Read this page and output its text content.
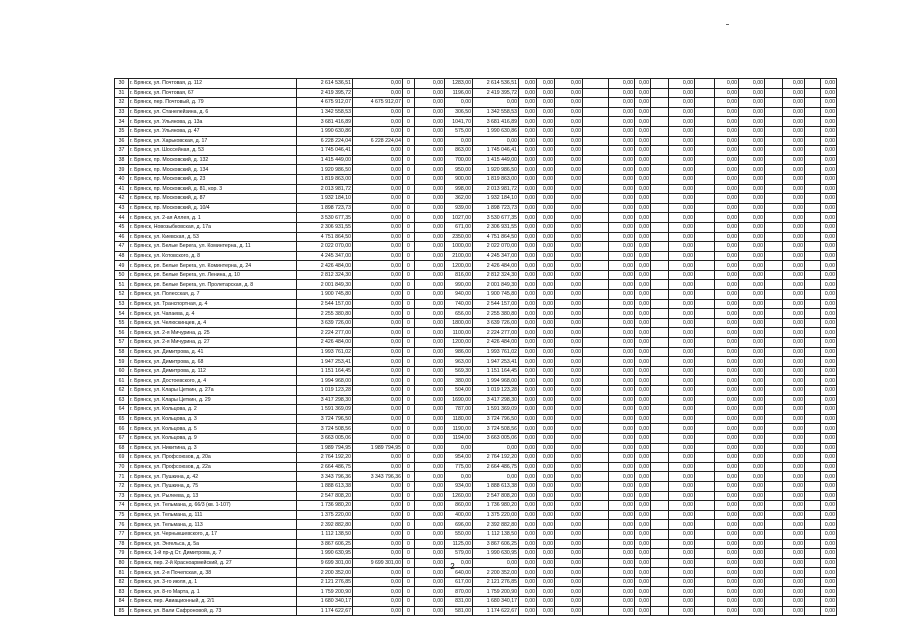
30	г. Брянск, ул. Почтовая, д. 112	2 614 536,51	0,00	0	0,00	1283,00	2 614 536,51	0,00	0,00	0,00		0,00	0,00		0,00		0,00	0,00		0,00		0,00
31	г. Брянск, ул. Почтовая, 67	2 419 395,72	0,00	0	0,00	1196,00	2 419 395,72	0,00	0,00	0,00		0,00	0,00		0,00		0,00	0,00		0,00		0,00
32	г. Брянск, пер. Почтовый, д. 79	4 675 912,07	4 675 912,07	0	0,00	0,00	0,00	0,00	0,00	0,00		0,00	0,00		0,00		0,00	0,00		0,00		0,00
33	г. Брянск, ул. Станелейзина, д. 6	1 342 558,53	0,00	0	0,00	306,50	1 342 558,53	0,00	0,00	0,00		0,00	0,00		0,00		0,00	0,00		0,00		0,00
34	г. Брянск, ул. Ульянова, д. 13а	3 681 416,89	0,00	0	0,00	1041,70	3 681 416,89	0,00	0,00	0,00		0,00	0,00		0,00		0,00	0,00		0,00		0,00
35	г. Брянск, ул. Ульянова, д. 47	1 990 630,86	0,00	0	0,00	575,00	1 990 630,86	0,00	0,00	0,00		0,00	0,00		0,00		0,00	0,00		0,00		0,00
36	г. Брянск, ул. Харьковская, д. 17	6 228 224,04	6 228 224,04	0	0,00	0,00	0,00	0,00	0,00	0,00		0,00	0,00		0,00		0,00	0,00		0,00		0,00
37	г. Брянск, ул. Шоссейная, д. 53	1 745 046,41	0,00	0	0,00	863,00	1 745 046,41	0,00	0,00	0,00		0,00	0,00		0,00		0,00	0,00		0,00		0,00
38	г. Брянск, пр. Московский, д. 132	1 415 449,00	0,00	0	0,00	700,00	1 415 449,00	0,00	0,00	0,00		0,00	0,00		0,00		0,00	0,00		0,00		0,00
39	г. Брянск, пр. Московский, д. 134	1 920 986,50	0,00	0	0,00	950,00	1 920 986,50	0,00	0,00	0,00		0,00	0,00		0,00		0,00	0,00		0,00		0,00
40	г. Брянск, пр. Московский, д. 23	1 819 863,00	0,00	0	0,00	900,00	1 819 863,00	0,00	0,00	0,00		0,00	0,00		0,00		0,00	0,00		0,00		0,00
41	г. Брянск, пр. Московский, д. 81, кор. 3	2 013 981,72	0,00	0	0,00	998,00	2 013 981,72	0,00	0,00	0,00		0,00	0,00		0,00		0,00	0,00		0,00		0,00
42	г. Брянск, пр. Московский, д. 87	1 932 184,10	0,00	0	0,00	362,00	1 932 184,10	0,00	0,00	0,00		0,00	0,00		0,00		0,00	0,00		0,00		0,00
43	г. Брянск, пр. Московский, д. 10/4	1 898 723,73	0,00	0	0,00	939,00	1 898 723,73	0,00	0,00	0,00		0,00	0,00		0,00		0,00	0,00		0,00		0,00
44	г. Брянск, ул. 2-ая Аллея, д. 1	3 530 677,35	0,00	0	0,00	1027,00	3 530 677,35	0,00	0,00	0,00		0,00	0,00		0,00		0,00	0,00		0,00		0,00
45	г. Брянск, Новозыбковская, д. 17а	2 306 931,55	0,00	0	0,00	671,00	2 306 931,55	0,00	0,00	0,00		0,00	0,00		0,00		0,00	0,00		0,00		0,00
46	г. Брянск, ул. Киевская, д. 53	4 751 864,50	0,00	0	0,00	2350,00	4 751 864,50	0,00	0,00	0,00		0,00	0,00		0,00		0,00	0,00		0,00		0,00
47	г. Брянск, ул. Белые Берега, ул. Коминтерна, д. 11	2 022 070,00	0,00	0	0,00	1000,00	2 022 070,00	0,00	0,00	0,00		0,00	0,00		0,00		0,00	0,00		0,00		0,00
48	г. Брянск, ул. Котовского, д. 8	4 245 347,00	0,00	0	0,00	2100,00	4 245 347,00	0,00	0,00	0,00		0,00	0,00		0,00		0,00	0,00		0,00		0,00
49	г. Брянск, рп. Белые Берега, ул. Коминтерна, д. 24	2 426 484,00	0,00	0	0,00	1200,00	2 426 484,00	0,00	0,00	0,00		0,00	0,00		0,00		0,00	0,00		0,00		0,00
50	г. Брянск, рп. Белые Берега, ул. Ленина, д. 10	2 812 324,30	0,00	0	0,00	816,00	2 812 324,30	0,00	0,00	0,00		0,00	0,00		0,00		0,00	0,00		0,00		0,00
51	г. Брянск, рп. Белые Берега, ул. Пролетарская, д. 8	2 001 849,30	0,00	0	0,00	990,00	2 001 849,30	0,00	0,00	0,00		0,00	0,00		0,00		0,00	0,00		0,00		0,00
52	г. Брянск, ул. Полесская, д. 7	1 900 745,80	0,00	0	0,00	940,00	1 900 745,80	0,00	0,00	0,00		0,00	0,00		0,00		0,00	0,00		0,00		0,00
53	г. Брянск, ул. Транспортная, д. 4	2 544 157,00	0,00	0	0,00	740,00	2 544 157,00	0,00	0,00	0,00		0,00	0,00		0,00		0,00	0,00		0,00		0,00
54	г. Брянск, ул. Чапаева, д. 4	2 255 380,80	0,00	0	0,00	656,00	2 255 380,80	0,00	0,00	0,00		0,00	0,00		0,00		0,00	0,00		0,00		0,00
55	г. Брянск, ул. Челюскинцев, д. 4	3 639 726,00	0,00	0	0,00	1800,00	3 639 726,00	0,00	0,00	0,00		0,00	0,00		0,00		0,00	0,00		0,00		0,00
56	г. Брянск, ул. 2-я Мичурина, д. 25	2 224 277,00	0,00	0	0,00	1100,00	2 224 277,00	0,00	0,00	0,00		0,00	0,00		0,00		0,00	0,00		0,00		0,00
57	г. Брянск, ул. 2-я Мичурина, д. 27	2 426 484,00	0,00	0	0,00	1200,00	2 426 484,00	0,00	0,00	0,00		0,00	0,00		0,00		0,00	0,00		0,00		0,00
58	г. Брянск, ул. Димитрова, д. 41	1 993 761,02	0,00	0	0,00	986,00	1 993 761,02	0,00	0,00	0,00		0,00	0,00		0,00		0,00	0,00		0,00		0,00
59	г. Брянск, ул. Димитрова, д. 68	1 947 253,41	0,00	0	0,00	963,00	1 947 253,41	0,00	0,00	0,00		0,00	0,00		0,00		0,00	0,00		0,00		0,00
60	г. Брянск, ул. Димитрова, д. 112	1 151 164,45	0,00	0	0,00	569,30	1 151 164,45	0,00	0,00	0,00		0,00	0,00		0,00		0,00	0,00		0,00		0,00
61	г. Брянск, ул. Достоевского, д. 4	1 994 968,00	0,00	0	0,00	380,00	1 994 968,00	0,00	0,00	0,00		0,00	0,00		0,00		0,00	0,00		0,00		0,00
62	г. Брянск, ул. Клары Цеткин, д. 27а	1 019 123,28	0,00	0	0,00	504,00	1 019 123,28	0,00	0,00	0,00		0,00	0,00		0,00		0,00	0,00		0,00		0,00
63	г. Брянск, ул. Клары Цеткин, д. 29	3 417 298,30	0,00	0	0,00	1690,00	3 417 298,30	0,00	0,00	0,00		0,00	0,00		0,00		0,00	0,00		0,00		0,00
64	г. Брянск, ул. Кольцова, д. 2	1 591 369,09	0,00	0	0,00	787,00	1 591 369,09	0,00	0,00	0,00		0,00	0,00		0,00		0,00	0,00		0,00		0,00
65	г. Брянск, ул. Кольцова, д. 3	3 724 796,50	0,00	0	0,00	1180,00	3 724 796,50	0,00	0,00	0,00		0,00	0,00		0,00		0,00	0,00		0,00		0,00
66	г. Брянск, ул. Кольцова, д. 5	3 724 508,56	0,00	0	0,00	1190,00	3 724 508,56	0,00	0,00	0,00		0,00	0,00		0,00		0,00	0,00		0,00		0,00
67	г. Брянск, ул. Кольцова, д. 9	3 663 005,06	0,00	0	0,00	1194,00	3 663 005,06	0,00	0,00	0,00		0,00	0,00		0,00		0,00	0,00		0,00		0,00
68	г. Брянск, ул. Никитина, д. 3	1 989 794,95	1 989 794,95	0	0,00	0,00	0,00	0,00	0,00	0,00		0,00	0,00		0,00		0,00	0,00		0,00		0,00
69	г. Брянск, ул. Профсоюзов, д. 20а	2 764 192,20	0,00	0	0,00	954,00	2 764 192,20	0,00	0,00	0,00		0,00	0,00		0,00		0,00	0,00		0,00		0,00
70	г. Брянск, ул. Профсоюзов, д. 22а	2 664 486,75	0,00	0	0,00	775,00	2 664 486,75	0,00	0,00	0,00		0,00	0,00		0,00		0,00	0,00		0,00		0,00
71	г. Брянск, ул. Пушкина, д. 42	3 343 796,36	3 343 796,36	0	0,00	0,00	0,00	0,00	0,00	0,00		0,00	0,00		0,00		0,00	0,00		0,00		0,00
72	г. Брянск, ул. Пушкина, д. 75	1 888 613,38	0,00	0	0,00	934,00	1 888 613,38	0,00	0,00	0,00		0,00	0,00		0,00		0,00	0,00		0,00		0,00
73	г. Брянск, ул. Рылеева, д. 13	2 547 808,20	0,00	0	0,00	1260,00	2 547 808,20	0,00	0,00	0,00		0,00	0,00		0,00		0,00	0,00		0,00		0,00
74	г. Брянск, ул. Тельмана, д. 66/3 (кв. 1-107)	1 736 980,20	0,00	0	0,00	860,00	1 736 980,20	0,00	0,00	0,00		0,00	0,00		0,00		0,00	0,00		0,00		0,00
75	г. Брянск, ул. Тельмана, д. 111	1 375 220,00	0,00	0	0,00	400,00	1 375 220,00	0,00	0,00	0,00		0,00	0,00		0,00		0,00	0,00		0,00		0,00
76	г. Брянск, ул. Тельмана, д. 113	2 392 882,80	0,00	0	0,00	696,00	2 392 882,80	0,00	0,00	0,00		0,00	0,00		0,00		0,00	0,00		0,00		0,00
77	г. Брянск, ул. Черныкшевского, д. 17	1 112 138,50	0,00	0	0,00	550,00	1 112 138,50	0,00	0,00	0,00		0,00	0,00		0,00		0,00	0,00		0,00		0,00
78	г. Брянск, ул. Энгельса, д. 5а	3 867 606,25	0,00	0	0,00	1125,00	3 867 606,25	0,00	0,00	0,00		0,00	0,00		0,00		0,00	0,00		0,00		0,00
79	г. Брянск, 1-й пр-д Ст. Димитрова, д. 7	1 990 630,95	0,00	0	0,00	579,00	1 990 630,95	0,00	0,00	0,00		0,00	0,00		0,00		0,00	0,00		0,00		0,00
80	г. Брянск, пер. 2-й Красноармейский, д. 27	9 699 301,00	9 699 301,00	0	0,00	0,00	0,00	0,00	0,00	0,00		0,00	0,00		0,00		0,00	0,00		0,00		0,00
81	г. Брянск, ул. 2-я Почепская, д. 38	2 200 352,00	0,00	0	0,00	640,00	2 200 352,00	0,00	0,00	0,00		0,00	0,00		0,00		0,00	0,00		0,00		0,00
82	г. Брянск, ул. 3-го июля, д. 1	2 121 276,85	0,00	0	0,00	617,00	2 121 276,85	0,00	0,00	0,00		0,00	0,00		0,00		0,00	0,00		0,00		0,00
83	г. Брянск, ул. 8-го Марта, д. 1	1 759 200,90	0,00	0	0,00	870,00	1 759 200,90	0,00	0,00	0,00		0,00	0,00		0,00		0,00	0,00		0,00		0,00
84	г. Брянск, пер. Авиационный, д. 2/1	1 680 340,17	0,00	0	0,00	831,00	1 680 340,17	0,00	0,00	0,00		0,00	0,00		0,00		0,00	0,00		0,00		0,00
85	г. Брянск, ул. Вали Сафроновой, д. 73	1 174 622,67	0,00	0	0,00	581,00	1 174 622,67	0,00	0,00	0,00		0,00	0,00		0,00		0,00	0,00		0,00		0,00
2
